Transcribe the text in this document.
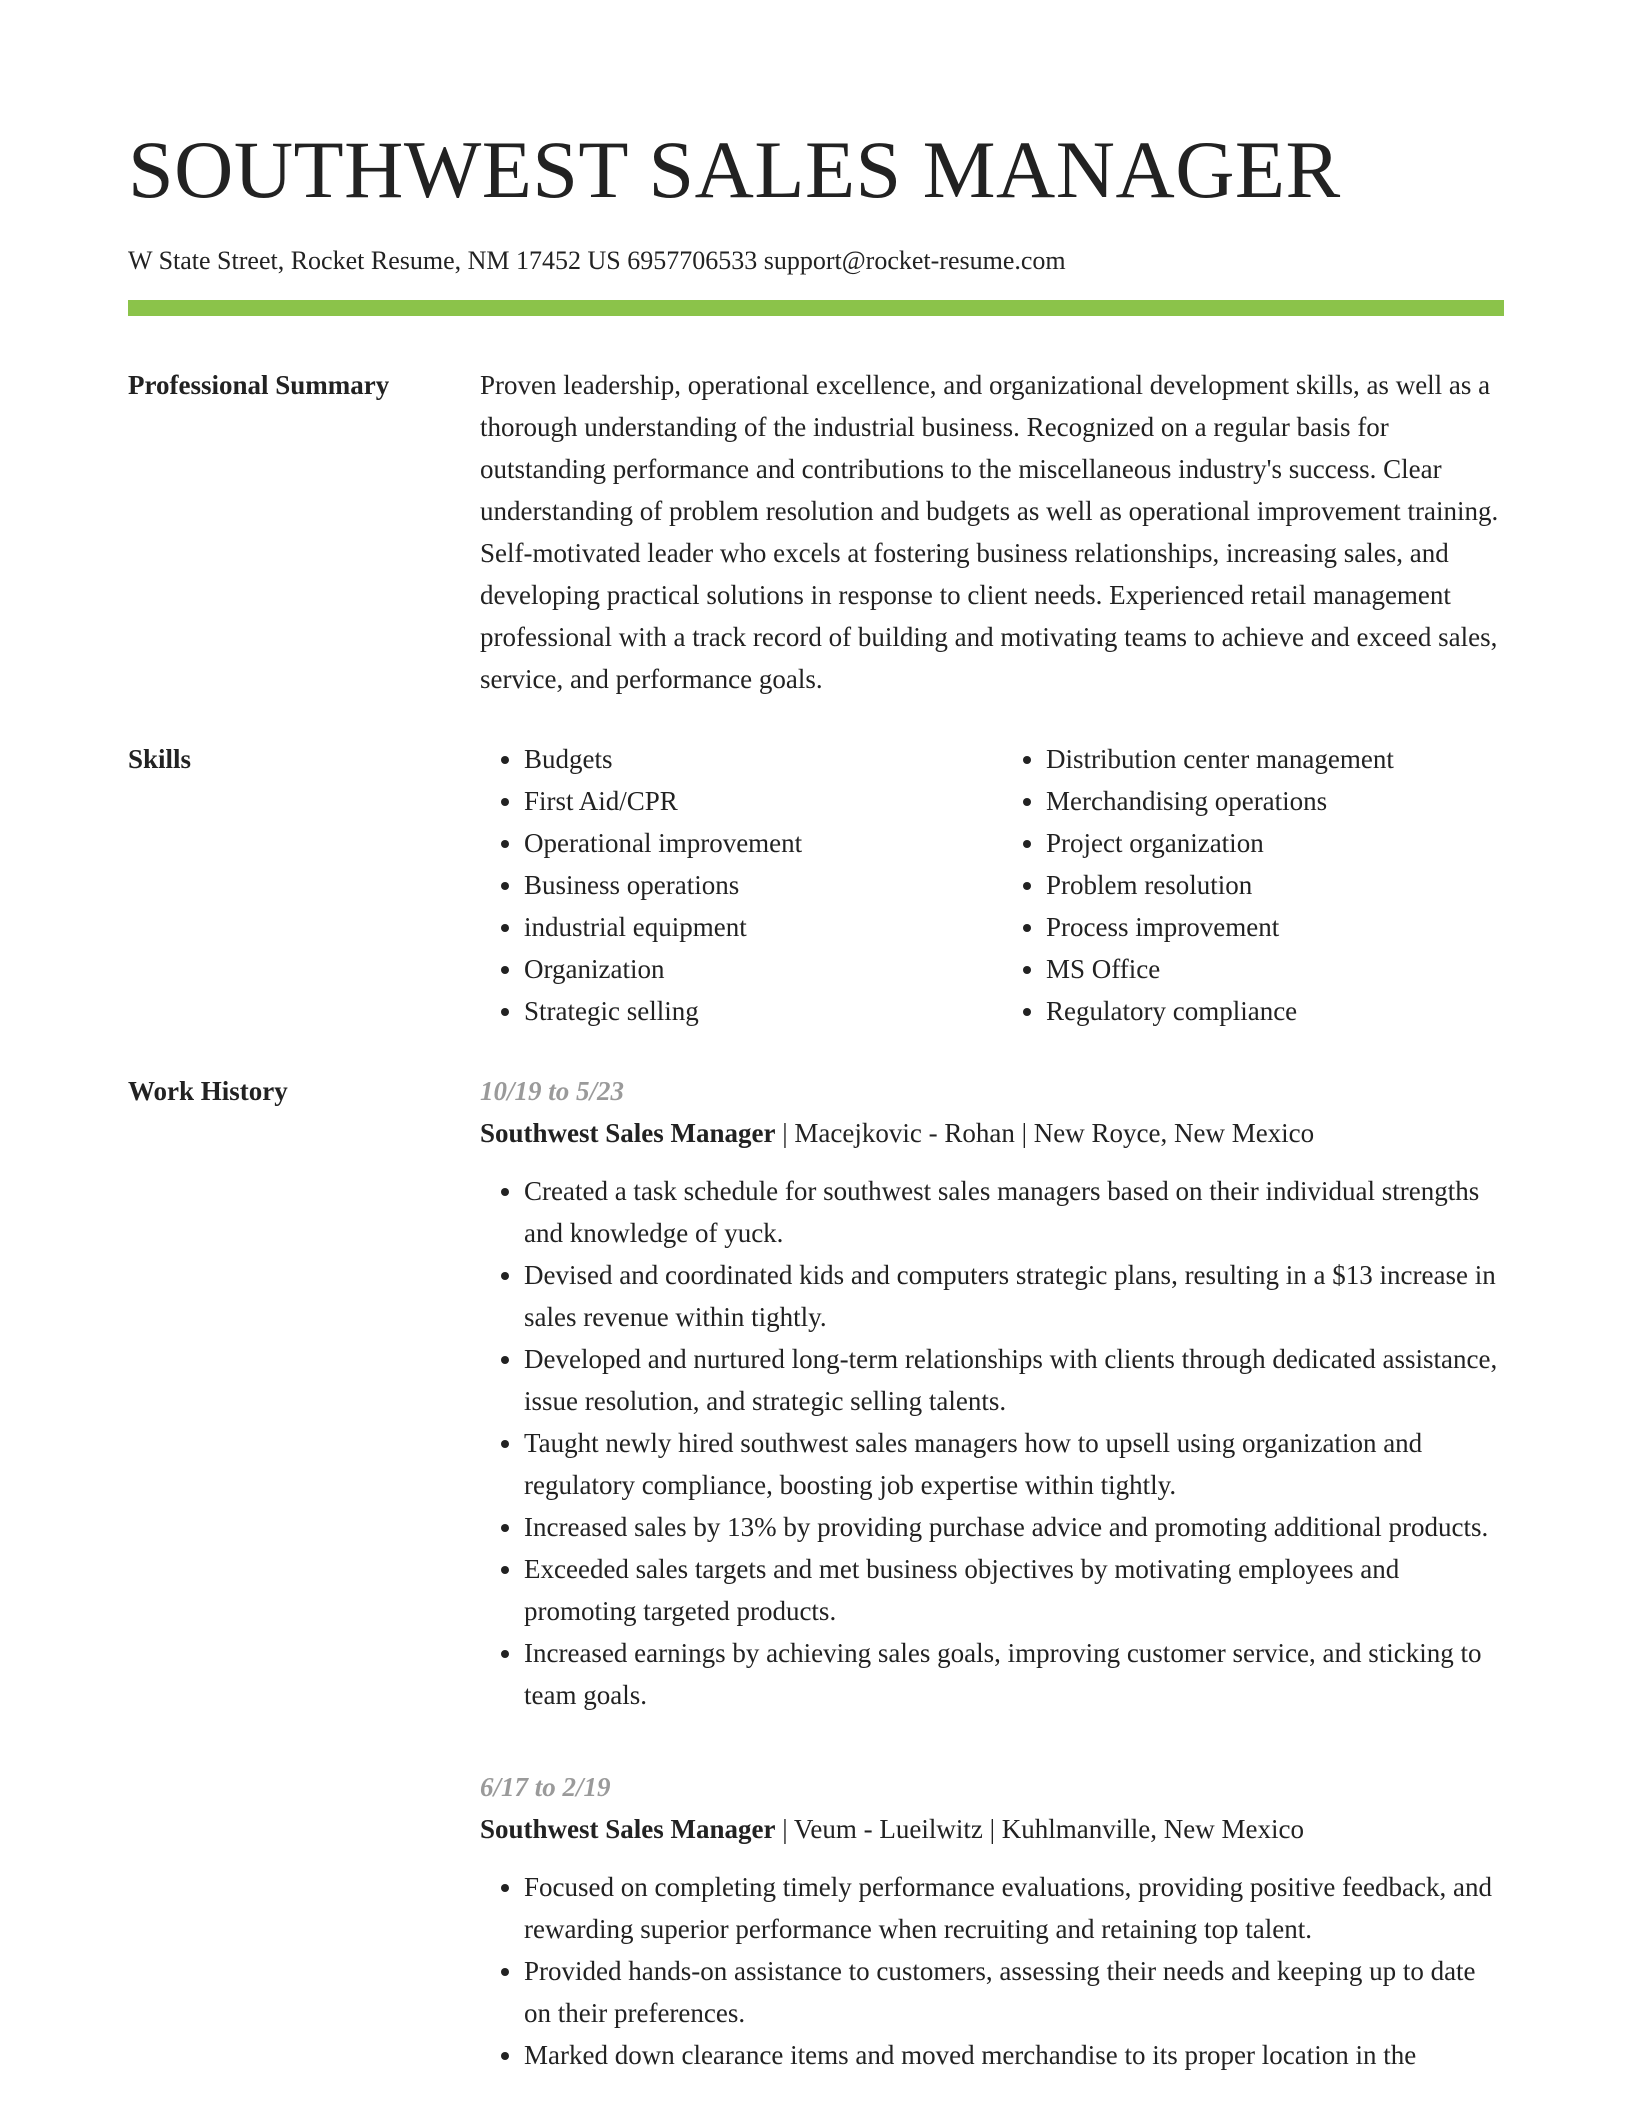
SOUTHWEST SALES MANAGER
W State Street, Rocket Resume, NM 17452 US 6957706533 support@rocket-resume.com
Professional Summary	Proven leadership, operational excellence, and organizational development skills, as well as a thorough understanding of the industrial business. Recognized on a regular basis for outstanding performance and contributions to the miscellaneous industry's success. Clear understanding of problem resolution and budgets as well as operational improvement training. Self-motivated leader who excels at fostering business relationships, increasing sales, and developing practical solutions in response to client needs. Experienced retail management professional with a track record of building and motivating teams to achieve and exceed sales, service, and performance goals.

Skills
•	Budgets
• First Aid/CPR
• Operational improvement
• Business operations
• industrial equipment
• Organization
• Strategic selling
• Distribution center management
• Merchandising operations
• Project organization
• Problem resolution
• Process improvement
• MS Office
• Regulatory compliance
Work History	10/19 to 5/23
Southwest Sales Manager | Macejkovic - Rohan | New Royce, New Mexico
• Created a task schedule for southwest sales managers based on their individual strengths and knowledge of yuck.
• Devised and coordinated kids and computers strategic plans, resulting in a $13 increase in sales revenue within tightly.
• Developed and nurtured long-term relationships with clients through dedicated assistance, issue resolution, and strategic selling talents.
• Taught newly hired southwest sales managers how to upsell using organization and regulatory compliance, boosting job expertise within tightly.
• Increased sales by 13% by providing purchase advice and promoting additional products.
• Exceeded sales targets and met business objectives by motivating employees and promoting targeted products.
• Increased earnings by achieving sales goals, improving customer service, and sticking to team goals.
6/17 to 2/19
Southwest Sales Manager | Veum - Lueilwitz | Kuhlmanville, New Mexico
• Focused on completing timely performance evaluations, providing positive feedback, and rewarding superior performance when recruiting and retaining top talent.
• Provided hands-on assistance to customers, assessing their needs and keeping up to date on their preferences.
• Marked down clearance items and moved merchandise to its proper location in the
